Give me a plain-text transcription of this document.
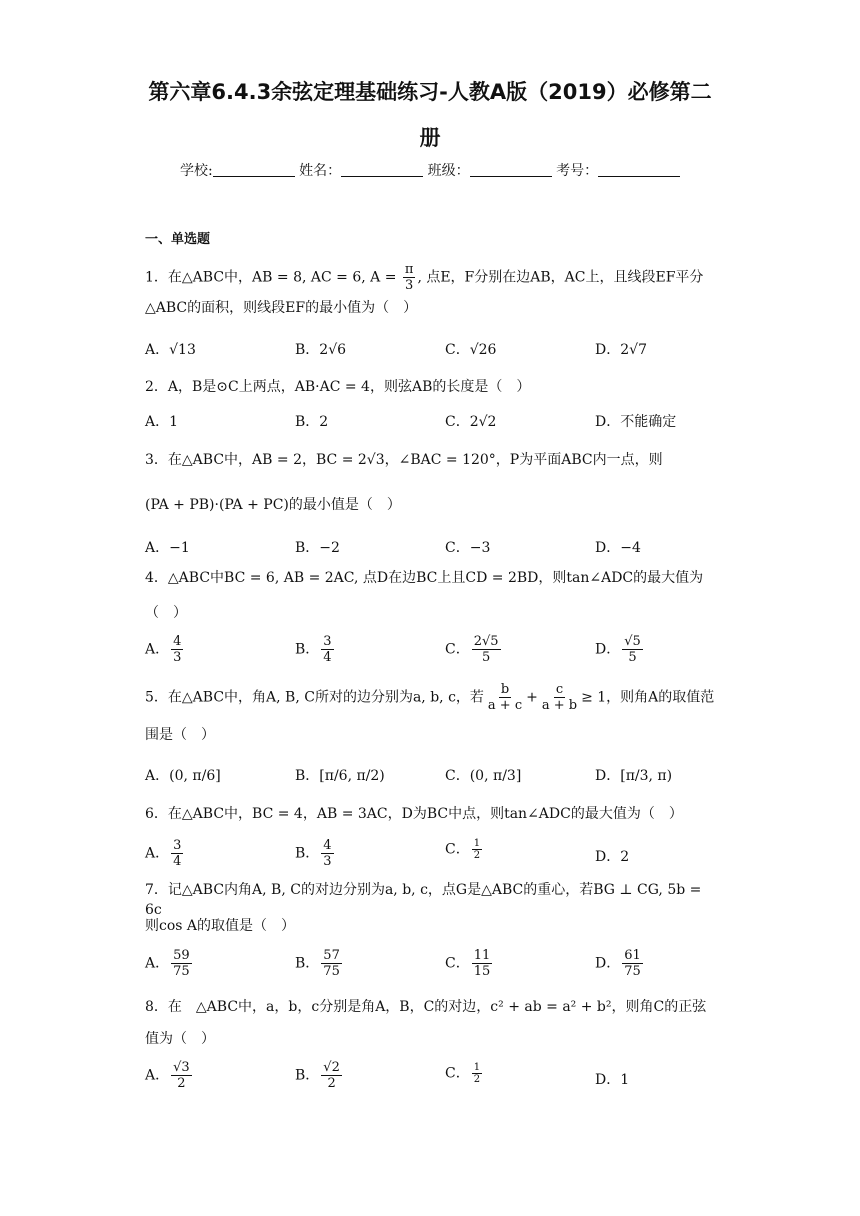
第六章6.4.3余弦定理基础练习-人教A版（2019）必修第二
册
学校:	姓名：	班级：	考号：
一、单选题
1．在△ABC中，AB = 8, AC = 6, $A = \frac{\pi}{3}$ , 点E，F分别在边AB，AC上，且线段EF平分
△ABC的面积，则线段EF的最小值为（　）
A．√13	B．2√6	C．√26	D．2√7
2．A，B是⊙C上两点，AB·AC = 4，则弦AB的长度是（　）
A．1	B．2	C．2√2	D．不能确定
3．在△ABC中，AB = 2，BC = 2√3，∠BAC = 120°，P为平面ABC内一点，则
(PA + PB)·(PA + PC)的最小值是（　）
A．−1	B．−2	C．−3	D．−4
4．△ABC中BC = 6, AB = 2AC, 点D在边BC上且CD = 2BD，则tan∠ADC的最大值为
（　）
A． $\frac{4}{3}$	B． $\frac{3}{4}$	C． $\frac{2√5}{5}$	D． $\frac{√5}{5}$
5．在△ABC中，角A, B, C所对的边分别为a, b, c，若 $\frac{b}{a + c} + \frac{c}{a + b} \ge 1$，则角A的取值范
围是（　）
A．(0, π/6]	B．[π/6, π/2)	C．(0, π/3]	D．[π/3, π)
6．在△ABC中，BC = 4，AB = 3AC，D为BC中点，则tan∠ADC的最大值为（　）
A． $\frac{3}{4}$	B． $\frac{4}{3}$	C． $\frac{1}{2}$	D．2
7．记△ABC内角A, B, C的对边分别为a, b, c，点G是△ABC的重心，若BG ⊥ CG, 5b = 6c
则cos A的取值是（　）
A． $\frac{59}{75}$	B． $\frac{57}{75}$	C． $\frac{11}{15}$	D． $\frac{61}{75}$
8．在　△ABC中，a，b，c分别是角A，B，C的对边，c² + ab = a² + b²，则角C的正弦
值为（　）
A． $\frac{√3}{2}$	B． $\frac{√2}{2}$	C． $\frac{1}{2}$	D．1
